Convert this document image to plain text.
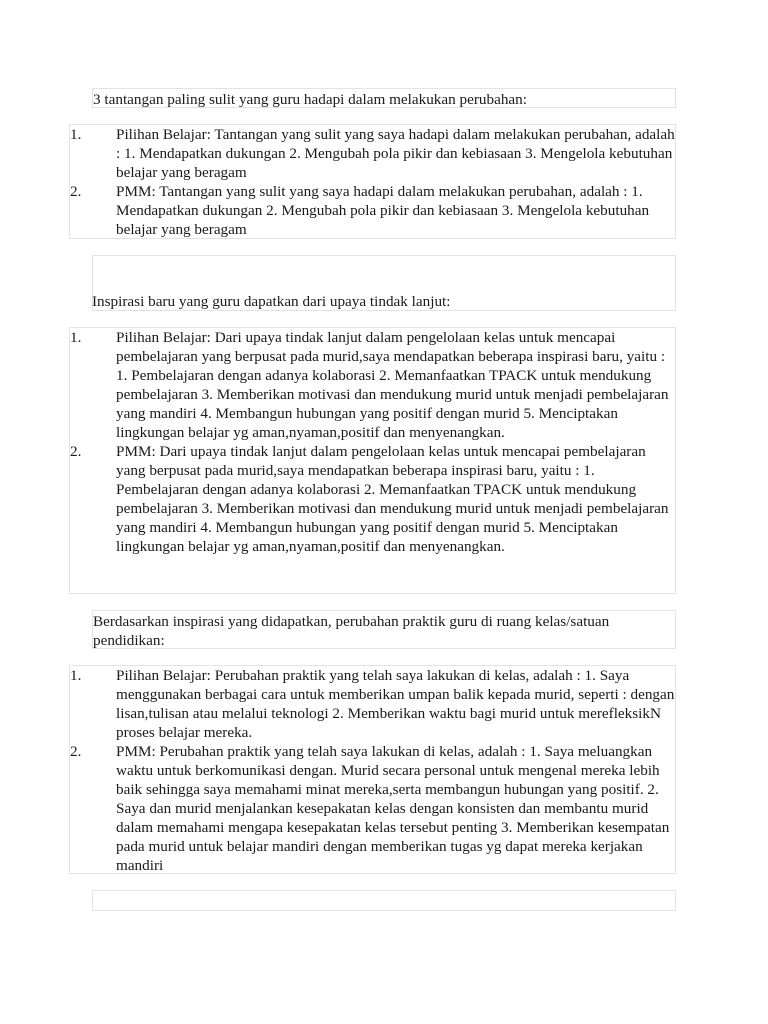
3 tantangan paling sulit yang guru hadapi dalam melakukan perubahan:
1.	Pilihan Belajar: Tantangan yang sulit yang saya hadapi dalam melakukan perubahan, adalah : 1. Mendapatkan dukungan 2. Mengubah pola pikir dan kebiasaan 3. Mengelola kebutuhan belajar yang beragam
2.	PMM: Tantangan yang sulit yang saya hadapi dalam melakukan perubahan, adalah : 1. Mendapatkan dukungan 2. Mengubah pola pikir dan kebiasaan 3. Mengelola kebutuhan belajar yang beragam
Inspirasi baru yang guru dapatkan dari upaya tindak lanjut:
1.	Pilihan Belajar: Dari upaya tindak lanjut dalam pengelolaan kelas untuk mencapai pembelajaran yang berpusat pada murid,saya mendapatkan beberapa inspirasi baru, yaitu : 1. Pembelajaran dengan adanya kolaborasi 2. Memanfaatkan TPACK untuk mendukung pembelajaran 3. Memberikan motivasi dan mendukung murid untuk menjadi pembelajaran yang mandiri 4. Membangun hubungan yang positif dengan murid 5. Menciptakan lingkungan belajar yg aman,nyaman,positif dan menyenangkan.
2.	PMM: Dari upaya tindak lanjut dalam pengelolaan kelas untuk mencapai pembelajaran yang berpusat pada murid,saya mendapatkan beberapa inspirasi baru, yaitu : 1. Pembelajaran dengan adanya kolaborasi 2. Memanfaatkan TPACK untuk mendukung pembelajaran 3. Memberikan motivasi dan mendukung murid untuk menjadi pembelajaran yang mandiri 4. Membangun hubungan yang positif dengan murid 5. Menciptakan lingkungan belajar yg aman,nyaman,positif dan menyenangkan.
Berdasarkan inspirasi yang didapatkan, perubahan praktik guru di ruang kelas/satuan pendidikan:
1.	Pilihan Belajar: Perubahan praktik yang telah saya lakukan di kelas, adalah : 1. Saya menggunakan berbagai cara untuk memberikan umpan balik kepada murid, seperti : dengan lisan,tulisan atau melalui teknologi 2. Memberikan waktu bagi murid untuk merefleksikN proses belajar mereka.
2.	PMM: Perubahan praktik yang telah saya lakukan di kelas, adalah : 1. Saya meluangkan waktu untuk berkomunikasi dengan. Murid secara personal untuk mengenal mereka lebih baik sehingga saya memahami minat mereka,serta membangun hubungan yang positif. 2. Saya dan murid menjalankan kesepakatan kelas dengan konsisten dan membantu murid dalam memahami mengapa kesepakatan kelas tersebut penting 3. Memberikan kesempatan pada murid untuk belajar mandiri dengan memberikan tugas yg dapat mereka kerjakan mandiri
